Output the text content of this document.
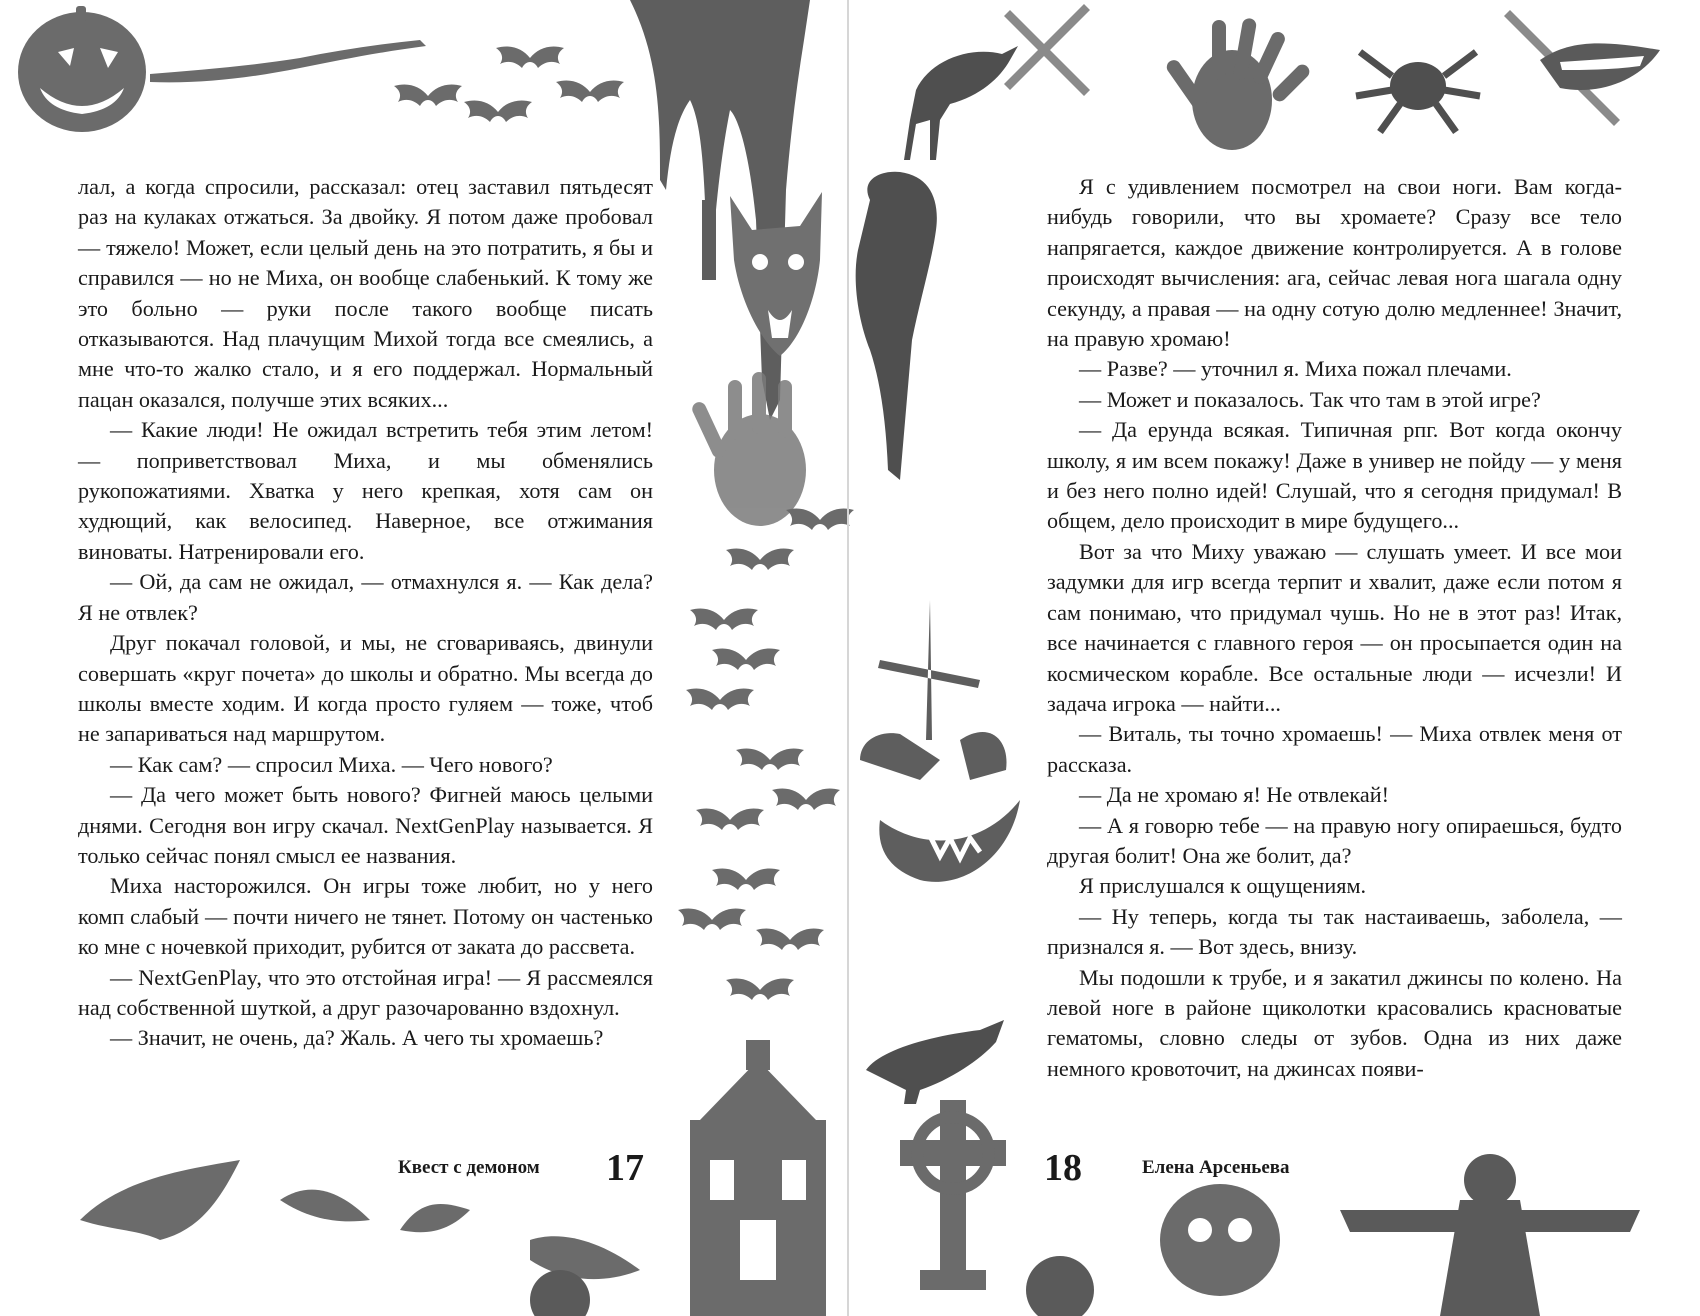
лал, а когда спросили, рассказал: отец заставил пятьдесят раз на кулаках отжаться. За двойку. Я потом даже пробовал — тяжело! Может, если целый день на это потратить, я бы и справился — но не Миха, он вообще слабенький. К тому же это больно — руки после такого вообще писать отказываются. Над плачущим Михой тогда все смеялись, а мне что-то жалко стало, и я его поддержал. Нормальный пацан оказался, получше этих всяких...

— Какие люди! Не ожидал встретить тебя этим летом! — поприветствовал Миха, и мы обменялись рукопожатиями. Хватка у него крепкая, хотя сам он худющий, как велосипед. Наверное, все отжимания виноваты. Натренировали его.

— Ой, да сам не ожидал, — отмахнулся я. — Как дела? Я не отвлек?

Друг покачал головой, и мы, не сговариваясь, двинули совершать «круг почета» до школы и обратно. Мы всегда до школы вместе ходим. И когда просто гуляем — тоже, чтоб не запариваться над маршрутом.

— Как сам? — спросил Миха. — Чего нового?

— Да чего может быть нового? Фигней маюсь целыми днями. Сегодня вон игру скачал. NextGenPlay называется. Я только сейчас понял смысл ее названия.

Миха насторожился. Он игры тоже любит, но у него комп слабый — почти ничего не тянет. Потому он частенько ко мне с ночевкой приходит, рубится от заката до рассвета.

— NextGenPlay, что это отстойная игра! — Я рассмеялся над собственной шуткой, а друг разочарованно вздохнул.

— Значит, не очень, да? Жаль. А чего ты хромаешь?

Квест с демоном 17

Я с удивлением посмотрел на свои ноги. Вам когда-нибудь говорили, что вы хромаете? Сразу все тело напрягается, каждое движение контролируется. А в голове происходят вычисления: ага, сейчас левая нога шагала одну секунду, а правая — на одну сотую долю медленнее! Значит, на правую хромаю!

— Разве? — уточнил я. Миха пожал плечами.

— Может и показалось. Так что там в этой игре?

— Да ерунда всякая. Типичная рпг. Вот когда окончу школу, я им всем покажу! Даже в универ не пойду — у меня и без него полно идей! Слушай, что я сегодня придумал! В общем, дело происходит в мире будущего...

Вот за что Миху уважаю — слушать умеет. И все мои задумки для игр всегда терпит и хвалит, даже если потом я сам понимаю, что придумал чушь. Но не в этот раз! Итак, все начинается с главного героя — он просыпается один на космическом корабле. Все остальные люди — исчезли! И задача игрока — найти...

— Виталь, ты точно хромаешь! — Миха отвлек меня от рассказа.

— Да не хромаю я! Не отвлекай!

— А я говорю тебе — на правую ногу опираешься, будто другая болит! Она же болит, да?

Я прислушался к ощущениям.

— Ну теперь, когда ты так настаиваешь, заболела, — признался я. — Вот здесь, внизу.

Мы подошли к трубе, и я закатил джинсы по колено. На левой ноге в районе щиколотки красовались красноватые гематомы, словно следы от зубов. Одна из них даже немного кровоточит, на джинсах появи-

18	Елена Арсеньева
